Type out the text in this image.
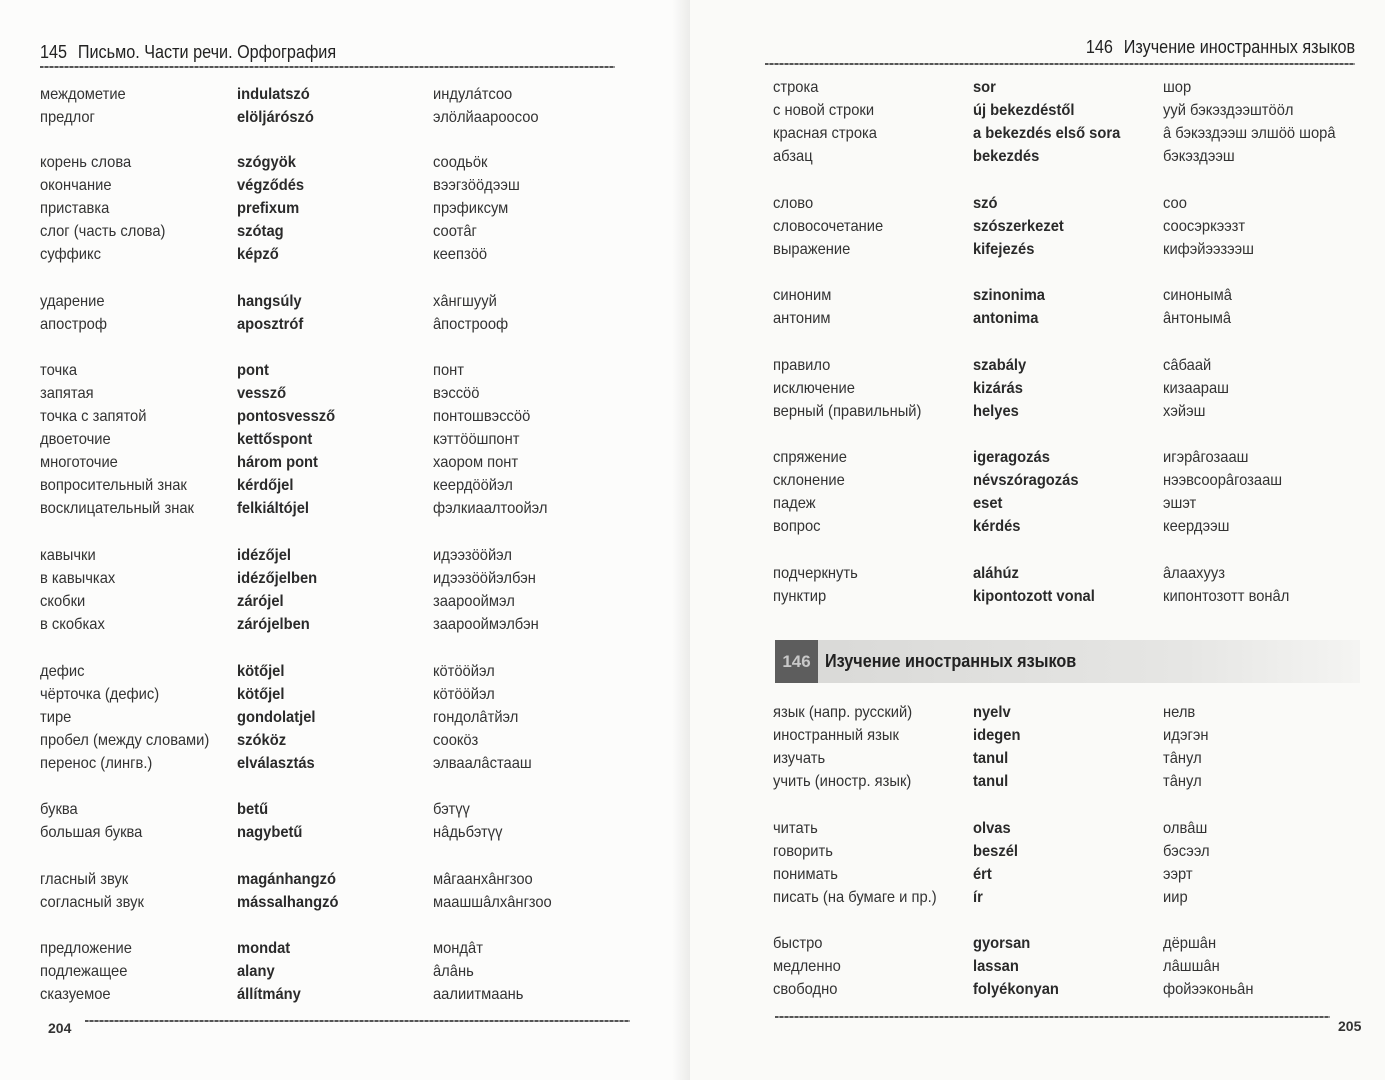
145 Письмо. Части речи. Орфография
междометие	indulatszó	индулáтсоо
предлог	elöljárószó	элöлйаароосоо
корень слова	szógyök	соодьöк
окончание	végződés	вээгзööдээш
приставка	prefixum	прэфиксум
слог (часть слова)	szótag	соотâг
суффикс	képző	кеепзöö
ударение	hangsúly	хâнгшууй
апостроф	aposztróf	âпострооф
точка	pont	понт
запятая	vessző	вэссöö
точка с запятой	pontosvessző	понтошвэссöö
двоеточие	kettőspont	кэттööшпонт
многоточие	három pont	хаором понт
вопросительный знак	kérdőjel	кеердööйэл
восклицательный знак	felkiáltójel	фэлкиаалтоойэл
кавычки	idézőjel	идээзööйэл
в кавычках	idézőjelben	идээзööйэлбэн
скобки	zárójel	заарооймэл
в скобках	zárójelben	заарооймэлбэн
дефис	kötőjel	кöтööйэл
чёрточка (дефис)	kötőjel	кöтööйэл
тире	gondolatjel	гондолâтйэл
пробел (между словами) szóköz	соокöз
перенос (лингв.)	elválasztás	элваалâстааш
буква	betű	бэтүү
большая буква	nagybetű	нâдьбэтүү
гласный звук	magánhangzó	мâгаанхâнгзоо
согласный звук	mássalhangzó	маашшâлхâнгзоо
предложение	mondat	мондâт
подлежащее	alany	âлâнь
сказуемое	állítmány	аалиитмаань
204
146 Изучение иностранных языков
строка	sor	шор
с новой строки	új bekezdéstől	ууй бэкэздээштööл
красная строка	a bekezdés első sora	â бэкэздээш элшöö шорâ
абзац	bekezdés	бэкэздээш
слово	szó	соо
словосочетание	szószerkezet	соосэркээзт
выражение	kifejezés	кифэйээзээш
синоним	szinonima	синонымâ
антоним	antonima	âнтонымâ
правило	szabály	сâбаай
исключение	kizárás	кизаараш
верный (правильный)	helyes	хэйэш
спряжение	igeragozás	игэрâгозааш
склонение	névszóragozás	нээвсоорâгозааш
падеж	eset	эшэт
вопрос	kérdés	кеердээш
подчеркнуть	aláhúz	âлаахууз
пунктир	kipontozott vonal	кипонтозотт вонâл
язык (напр. русский)	nyelv	нелв
иностранный язык	idegen	идэгэн
изучать	tanul	тâнул
учить (иностр. язык)	tanul	тâнул
читать	olvas	олвâш
говорить	beszél	бэсээл
понимать	ért	ээрт
писать (на бумаге и пр.) ír	иир
быстро	gyorsan	дёршâн
медленно	lassan	лâшшâн
свободно	folyékonyan	фойээконьâн
146 Изучение иностранных языков
205
